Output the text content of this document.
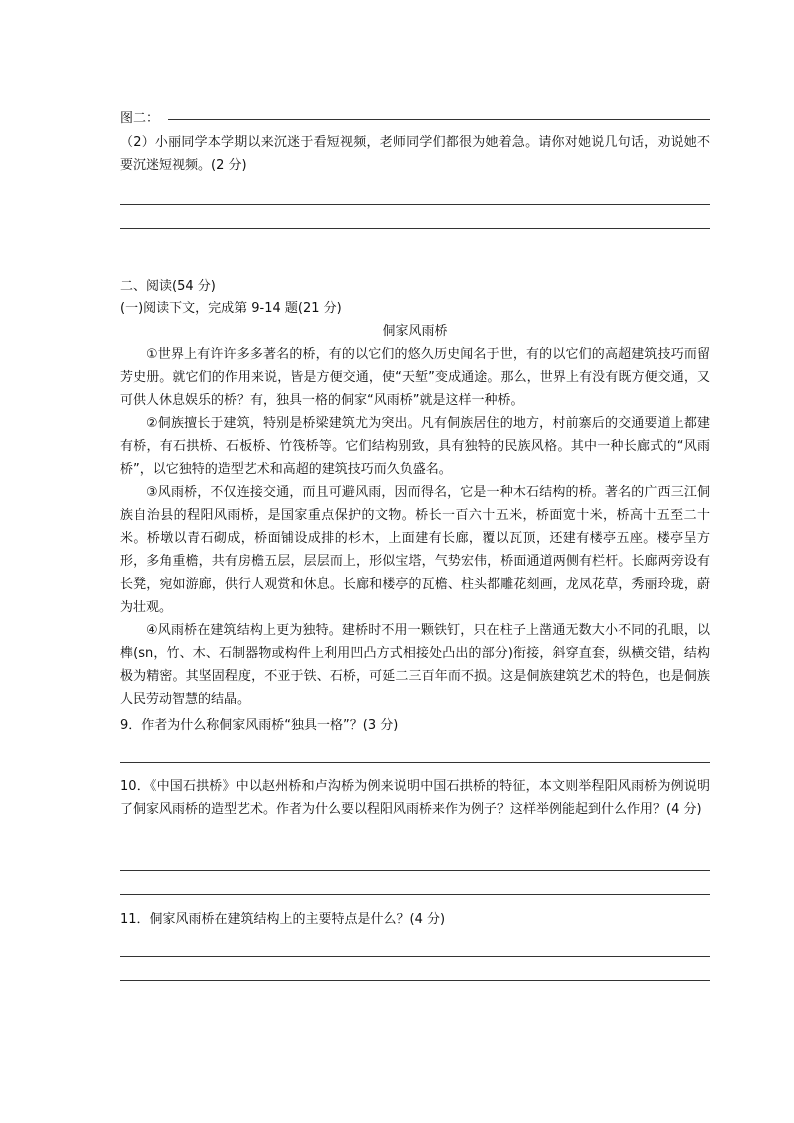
图二：

（2）小丽同学本学期以来沉迷于看短视频，老师同学们都很为她着急。请你对她说几句话，劝说她不要沉迷短视频。(2 分)

二、阅读(54 分)

(一)阅读下文，完成第 9-14 题(21 分)

侗家风雨桥

①世界上有许许多多著名的桥，有的以它们的悠久历史闻名于世，有的以它们的高超建筑技巧而留芳史册。就它们的作用来说，皆是方便交通，使“天堑”变成通途。那么，世界上有没有既方便交通，又可供人休息娱乐的桥？有，独具一格的侗家“风雨桥”就是这样一种桥。

②侗族擅长于建筑，特别是桥梁建筑尤为突出。凡有侗族居住的地方，村前寨后的交通要道上都建有桥，有石拱桥、石板桥、竹筏桥等。它们结构别致，具有独特的民族风格。其中一种长廊式的“风雨桥”，以它独特的造型艺术和高超的建筑技巧而久负盛名。

③风雨桥，不仅连接交通，而且可避风雨，因而得名，它是一种木石结构的桥。著名的广西三江侗族自治县的程阳风雨桥，是国家重点保护的文物。桥长一百六十五米，桥面宽十米，桥高十五至二十米。桥墩以青石砌成，桥面铺设成排的杉木，上面建有长廊，覆以瓦顶，还建有楼亭五座。楼亭呈方形，多角重檐，共有房檐五层，层层而上，形似宝塔，气势宏伟，桥面通道两侧有栏杆。长廊两旁设有长凳，宛如游廊，供行人观赏和休息。长廊和楼亭的瓦檐、柱头都雕花刻画，龙凤花草，秀丽玲珑，蔚为壮观。

④风雨桥在建筑结构上更为独特。建桥时不用一颗铁钉，只在柱子上凿通无数大小不同的孔眼，以榫(sn，竹、木、石制器物或构件上利用凹凸方式相接处凸出的部分)衔接，斜穿直套，纵横交错，结构极为精密。其坚固程度，不亚于铁、石桥，可延二三百年而不损。这是侗族建筑艺术的特色，也是侗族人民劳动智慧的结晶。

9．作者为什么称侗家风雨桥“独具一格”？(3 分)

10．《中国石拱桥》中以赵州桥和卢沟桥为例来说明中国石拱桥的特征，本文则举程阳风雨桥为例说明了侗家风雨桥的造型艺术。作者为什么要以程阳风雨桥来作为例子？这样举例能起到什么作用？(4 分)

11．侗家风雨桥在建筑结构上的主要特点是什么？(4 分)
